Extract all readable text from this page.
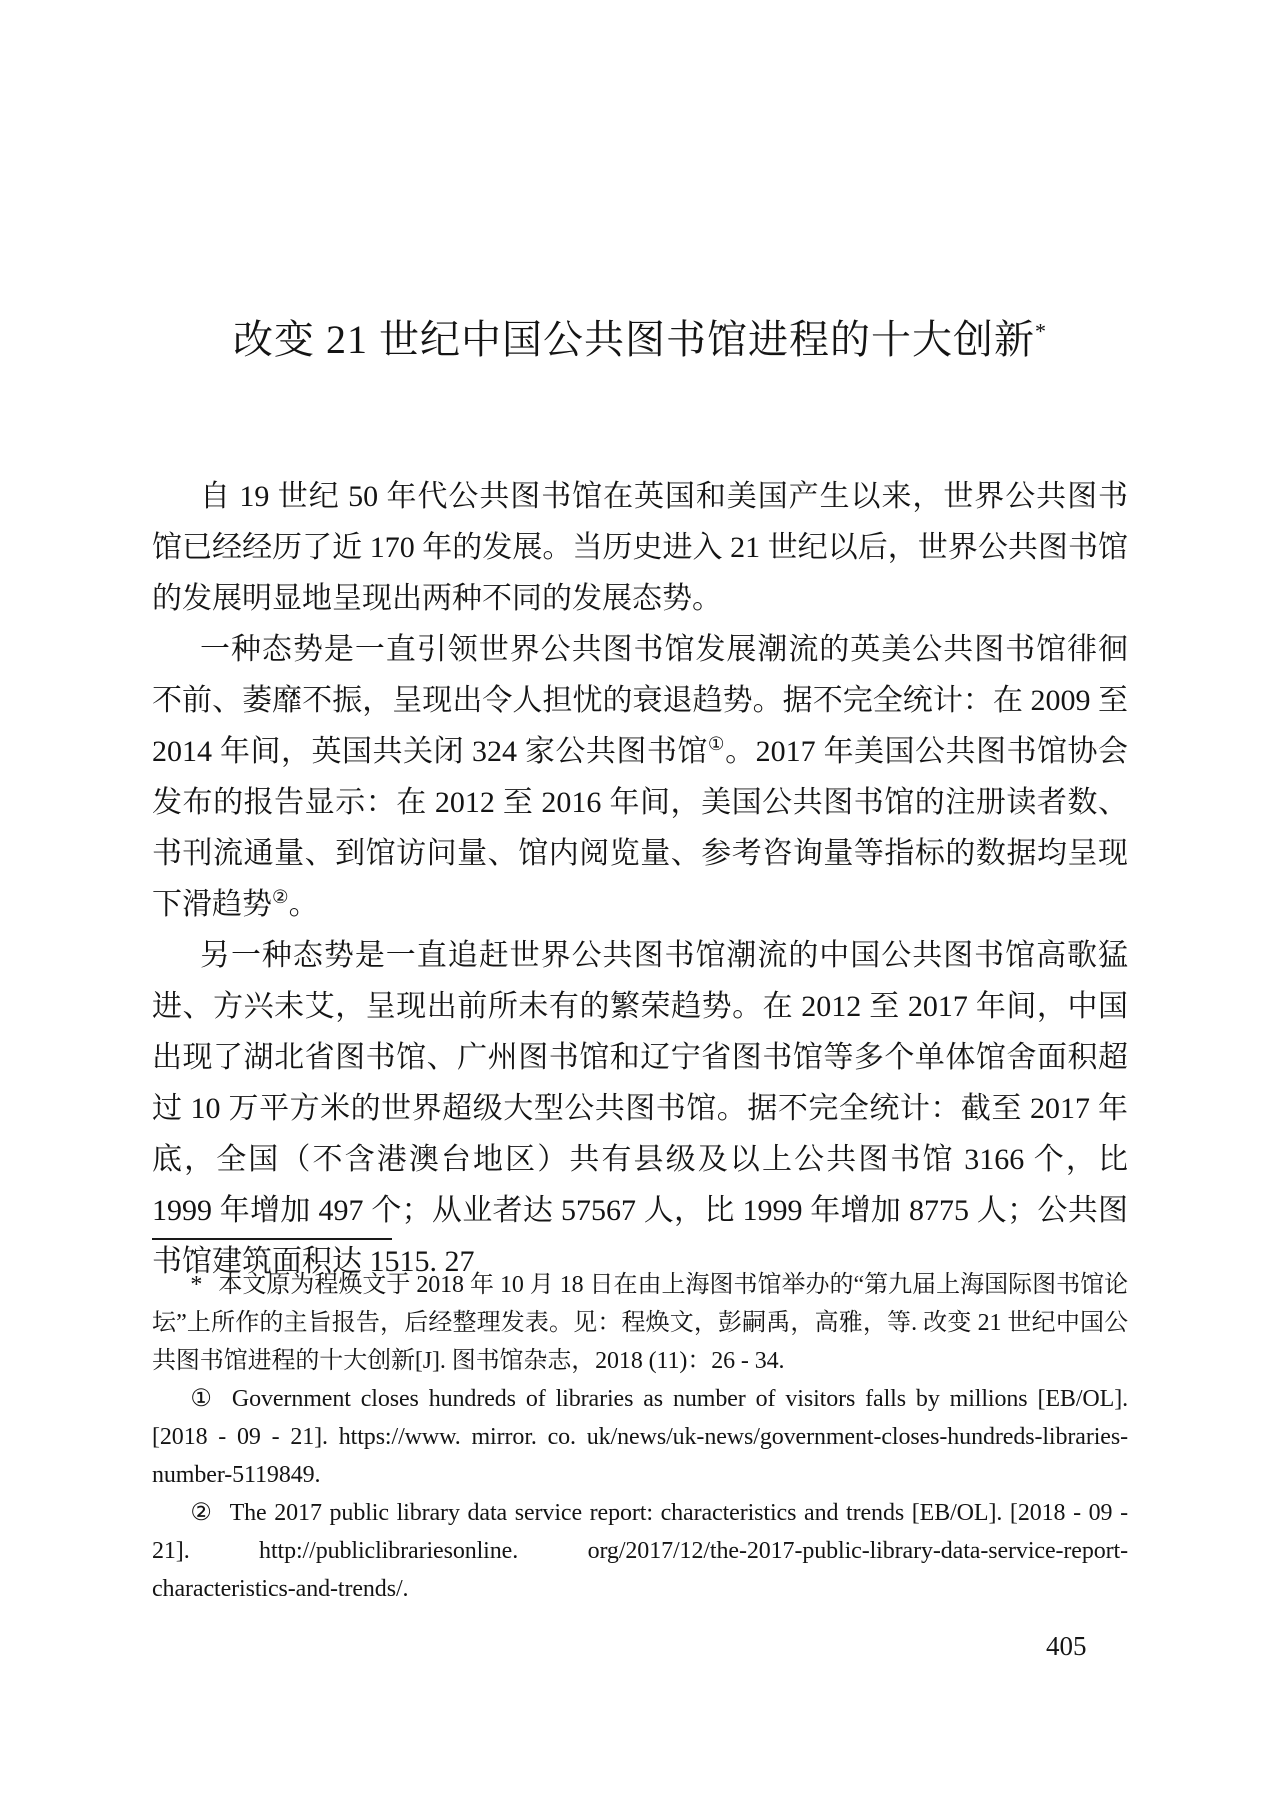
改变 21 世纪中国公共图书馆进程的十大创新*

自 19 世纪 50 年代公共图书馆在英国和美国产生以来，世界公共图书馆已经经历了近 170 年的发展。当历史进入 21 世纪以后，世界公共图书馆的发展明显地呈现出两种不同的发展态势。

一种态势是一直引领世界公共图书馆发展潮流的英美公共图书馆徘徊不前、萎靡不振，呈现出令人担忧的衰退趋势。据不完全统计：在 2009 至 2014 年间，英国共关闭 324 家公共图书馆①。2017 年美国公共图书馆协会发布的报告显示：在 2012 至 2016 年间，美国公共图书馆的注册读者数、书刊流通量、到馆访问量、馆内阅览量、参考咨询量等指标的数据均呈现下滑趋势②。

另一种态势是一直追赶世界公共图书馆潮流的中国公共图书馆高歌猛进、方兴未艾，呈现出前所未有的繁荣趋势。在 2012 至 2017 年间，中国出现了湖北省图书馆、广州图书馆和辽宁省图书馆等多个单体馆舍面积超过 10 万平方米的世界超级大型公共图书馆。据不完全统计：截至 2017 年底，全国（不含港澳台地区）共有县级及以上公共图书馆 3166 个，比 1999 年增加 497 个；从业者达 57567 人，比 1999 年增加 8775 人；公共图书馆建筑面积达 1515. 27

* 本文原为程焕文于 2018 年 10 月 18 日在由上海图书馆举办的“第九届上海国际图书馆论坛”上所作的主旨报告，后经整理发表。见：程焕文，彭嗣禹，高雅，等. 改变 21 世纪中国公共图书馆进程的十大创新[J]. 图书馆杂志，2018 (11)：26 - 34.

① Government closes hundreds of libraries as number of visitors falls by millions [EB/OL]. [2018 - 09 - 21]. https://www. mirror. co. uk/news/uk-news/government-closes-hundreds-libraries-number-5119849.

② The 2017 public library data service report: characteristics and trends [EB/OL]. [2018 - 09 - 21]. http://publiclibrariesonline. org/2017/12/the-2017-public-library-data-service-report-characteristics-and-trends/.

405
